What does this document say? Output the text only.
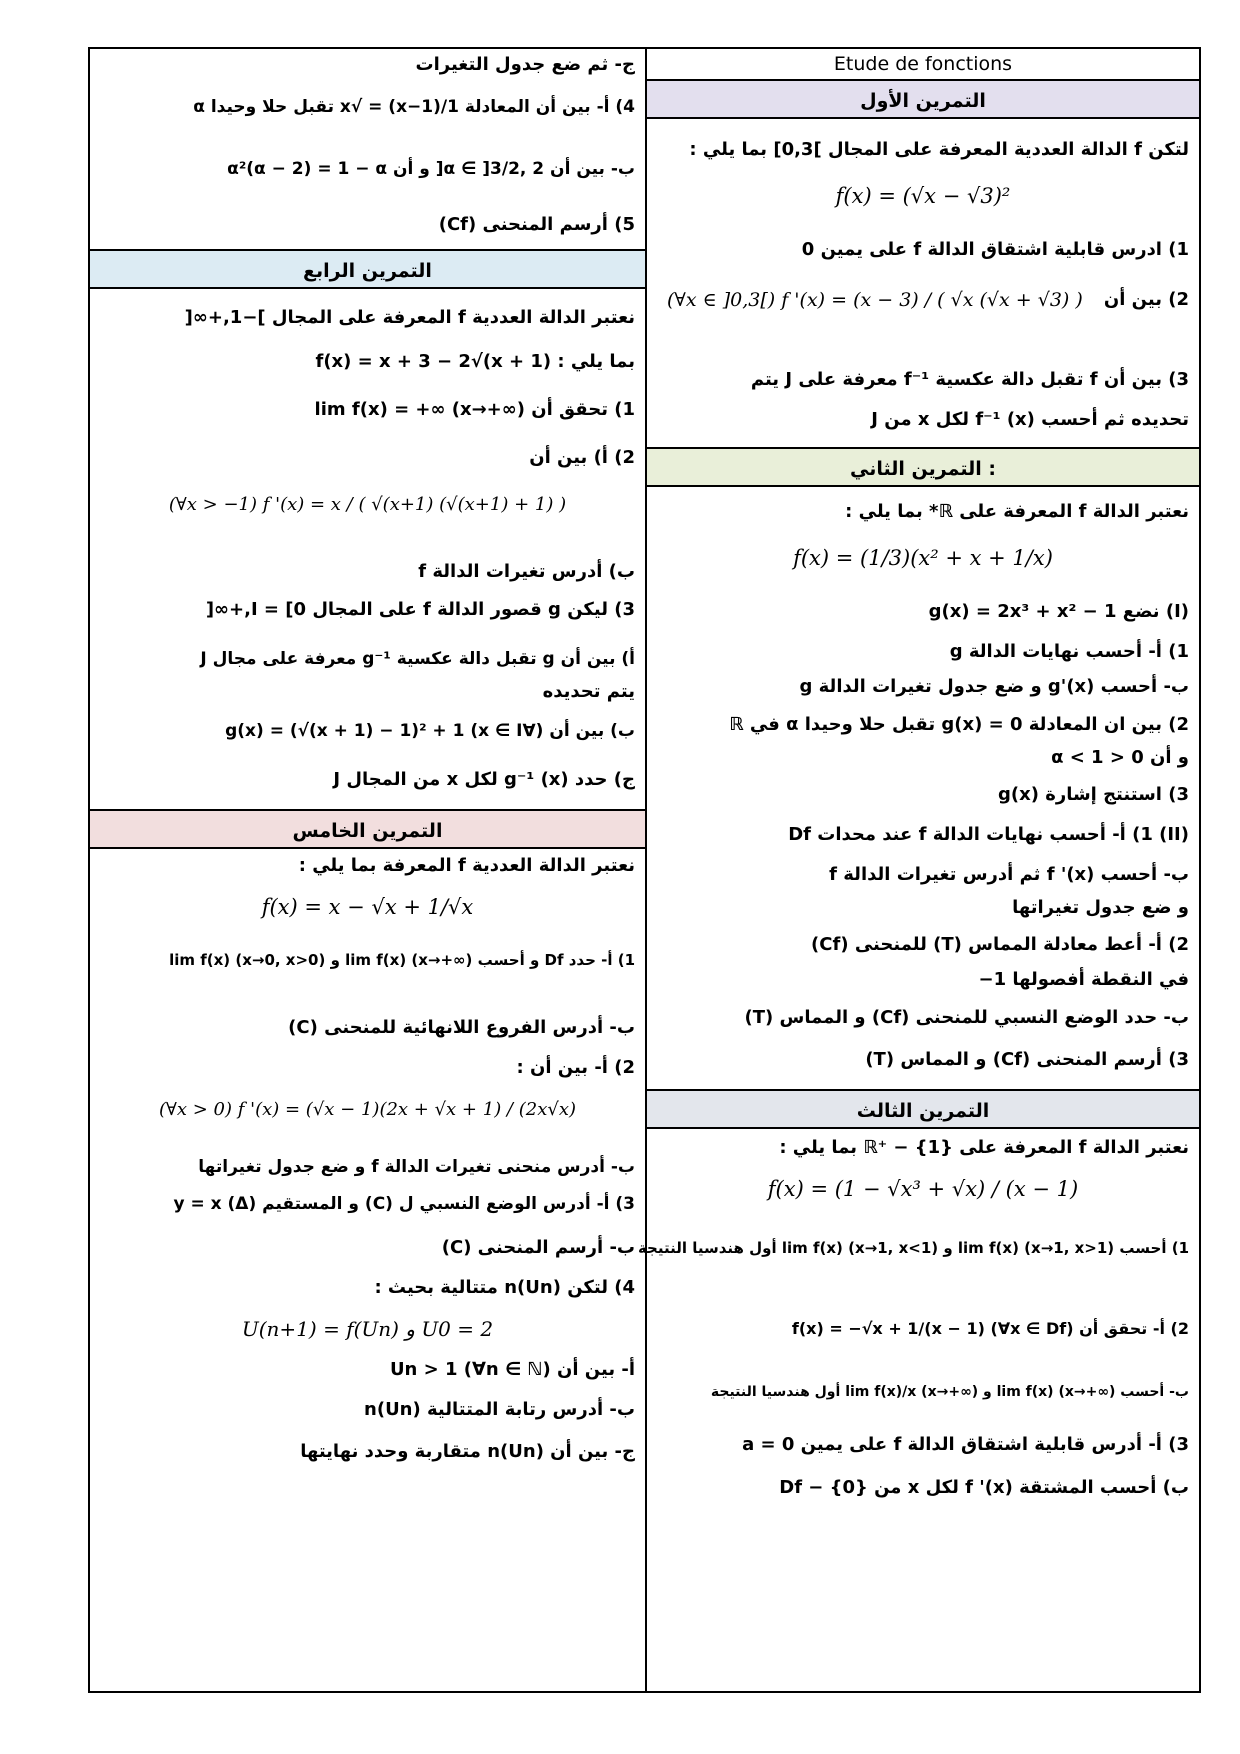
Etude de fonctions
التمرين الأول
لتكن f الدالة العددية المعرفة على المجال ]0,3] بما يلي :
f(x) = (√x − √3)²
1) ادرس قابلية اشتقاق الدالة f على يمين 0
2) بين أن
(∀x ∈ ]0,3[) f '(x) = (x − 3) / ( √x (√x + √3) )
3) بين أن f تقبل دالة عكسية f⁻¹ معرفة على J يتم
تحديده ثم أحسب (x) f⁻¹ لكل x من J
التمرين الثاني :
نعتبر الدالة f المعرفة على ℝ* بما يلي :
f(x) = (1/3)(x² + x + 1/x)
(I) نضع g(x) = 2x³ + x² − 1
1) أ- أحسب نهايات الدالة g
ب- أحسب g'(x) و ضع جدول تغيرات الدالة g
2) بين ان المعادلة g(x) = 0 تقبل حلا وحيدا α في ℝ
و أن 0 < α < 1
3) استنتج إشارة g(x)
(II) 1) أ- أحسب نهايات الدالة f عند محدات Df
ب- أحسب f '(x) ثم أدرس تغيرات الدالة f
و ضع جدول تغيراتها
2) أ- أعط معادلة المماس (T) للمنحنى (Cf)
في النقطة أفصولها 1−
ب- حدد الوضع النسبي للمنحنى (Cf) و المماس (T)
3) أرسم المنحنى (Cf) و المماس (T)
التمرين الثالث
نعتبر الدالة f المعرفة على ℝ⁺ − {1} بما يلي :
f(x) = (1 − √x³ + √x) / (x − 1)
1) أحسب lim f(x) (x→1, x>1) و lim f(x) (x→1, x<1) أول هندسيا النتيجة
2) أ- تحقق أن f(x) = −√x + 1/(x − 1) (∀x ∈ Df)
ب- أحسب lim f(x) (x→+∞) و lim f(x)/x (x→+∞) أول هندسيا النتيجة
3) أ- أدرس قابلية اشتقاق الدالة f على يمين a = 0
ب) أحسب المشتقة f '(x) لكل x من Df − {0}
ج- ثم ضع جدول التغيرات
4) أ- بين أن المعادلة 1/(x−1) = √x تقبل حلا وحيدا α
ب- بين أن α ∈ ]3/2, 2[ و أن α²(α − 2) = 1 − α
5) أرسم المنحنى (Cf)
التمرين الرابع
نعتبر الدالة العددية f المعرفة على المجال ]−1,+∞[
بما يلي : f(x) = x + 3 − 2√(x + 1)
1) تحقق أن lim f(x) = +∞ (x→+∞)
2) أ) بين أن
(∀x > −1) f '(x) = x / ( √(x+1) (√(x+1) + 1) )
ب) أدرس تغيرات الدالة f
3) ليكن g قصور الدالة f على المجال I = [0,+∞[
أ) بين أن g تقبل دالة عكسية g⁻¹ معرفة على مجال J
يتم تحديده
ب) بين أن (∀x ∈ I) g(x) = (√(x + 1) − 1)² + 1
ج) حدد (x) g⁻¹ لكل x من المجال J
التمرين الخامس
نعتبر الدالة العددية f المعرفة بما يلي :
f(x) = x − √x + 1/√x
1) أ- حدد Df و أحسب lim f(x) (x→+∞) و lim f(x) (x→0, x>0)
ب- أدرس الفروع اللانهائية للمنحنى (C)
2) أ- بين أن :
(∀x > 0) f '(x) = (√x − 1)(2x + √x + 1) / (2x√x)
ب- أدرس منحنى تغيرات الدالة f و ضع جدول تغيراتها
3) أ- أدرس الوضع النسبي ل (C) و المستقيم (Δ) y = x
ب- أرسم المنحنى (C)
4) لتكن (Un)n متتالية بحيث :
U(n+1) = f(Un) و U0 = 2
أ- بين أن Un > 1 (∀n ∈ ℕ)
ب- أدرس رتابة المتتالية (Un)n
ج- بين أن (Un)n متقاربة وحدد نهايتها
